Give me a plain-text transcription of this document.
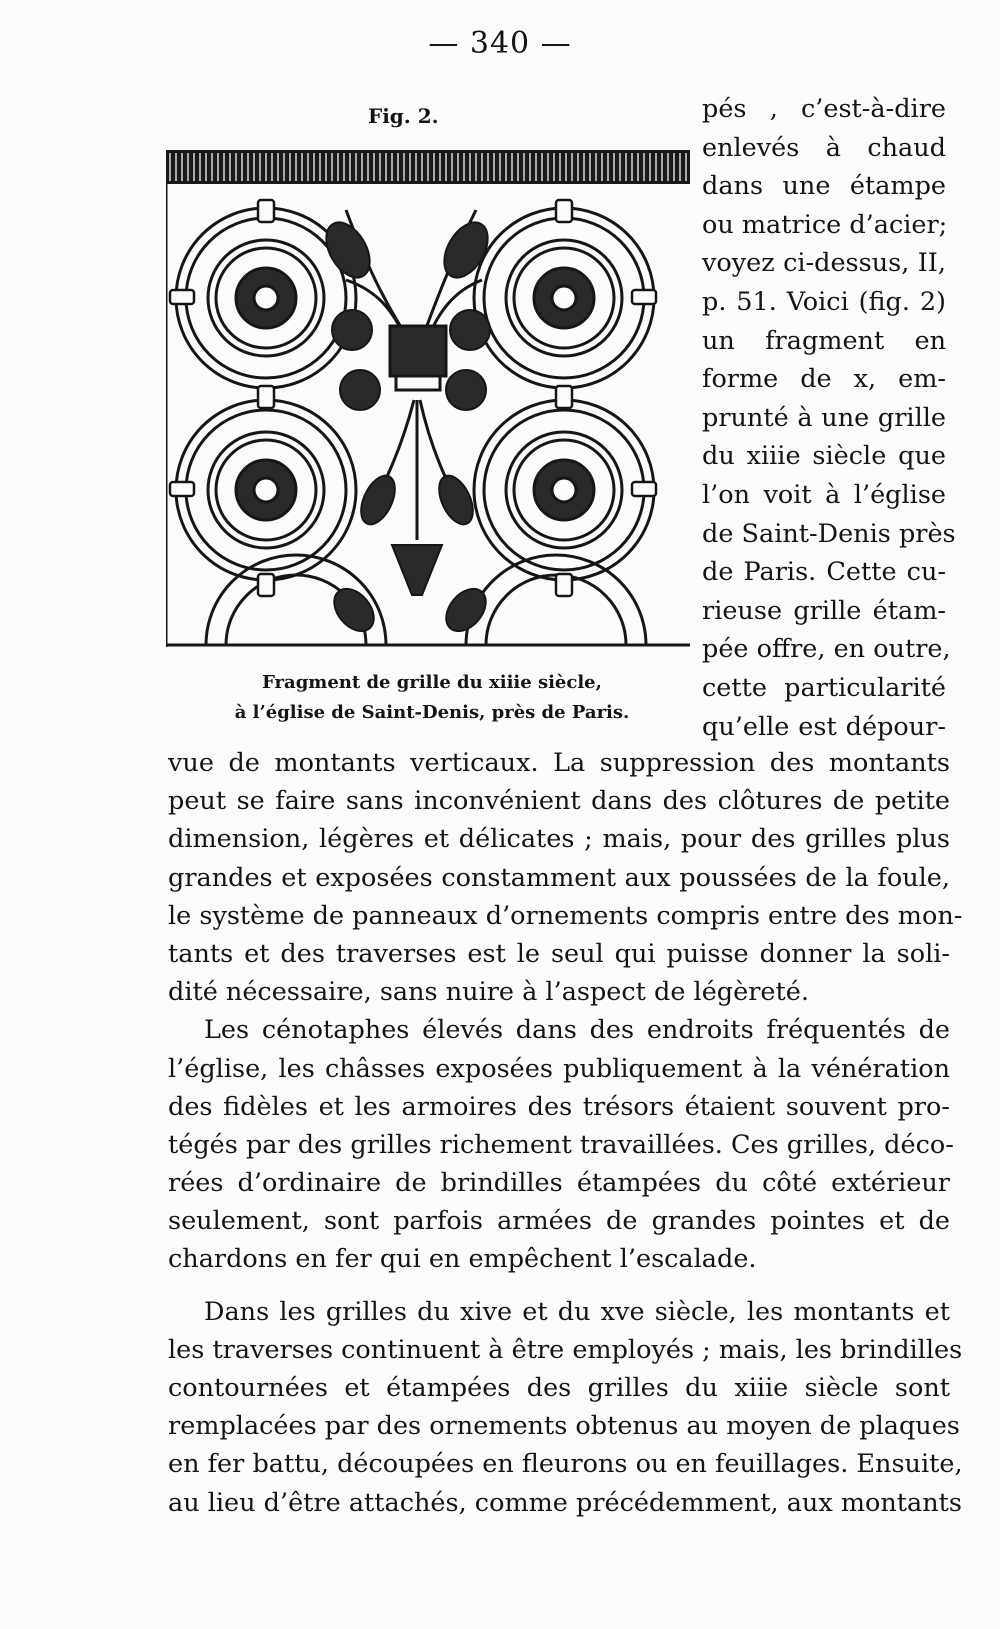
— 340 —
Fig. 2.
Fragment de grille du xiiie siècle,
à l’église de Saint-Denis, près de Paris.
pés , c’est-à-dire
enlevés à chaud
dans une étampe
ou matrice d’acier;
voyez ci-dessus, II,
p. 51. Voici (fig. 2)
un fragment en
forme de x, em-
prunté à une grille
du xiiie siècle que
l’on voit à l’église
de Saint-Denis près
de Paris. Cette cu-
rieuse grille étam-
pée offre, en outre,
cette particularité
qu’elle est dépour-
vue de montants verticaux. La suppression des montants
peut se faire sans inconvénient dans des clôtures de petite
dimension, légères et délicates ; mais, pour des grilles plus
grandes et exposées constamment aux poussées de la foule,
le système de panneaux d’ornements compris entre des mon-
tants et des traverses est le seul qui puisse donner la soli-
dité nécessaire, sans nuire à l’aspect de légèreté.
Les cénotaphes élevés dans des endroits fréquentés de
l’église, les châsses exposées publiquement à la vénération
des fidèles et les armoires des trésors étaient souvent pro-
tégés par des grilles richement travaillées. Ces grilles, déco-
rées d’ordinaire de brindilles étampées du côté extérieur
seulement, sont parfois armées de grandes pointes et de
chardons en fer qui en empêchent l’escalade.
Dans les grilles du xive et du xve siècle, les montants et
les traverses continuent à être employés ; mais, les brindilles
contournées et étampées des grilles du xiiie siècle sont
remplacées par des ornements obtenus au moyen de plaques
en fer battu, découpées en fleurons ou en feuillages. Ensuite,
au lieu d’être attachés, comme précédemment, aux montants
